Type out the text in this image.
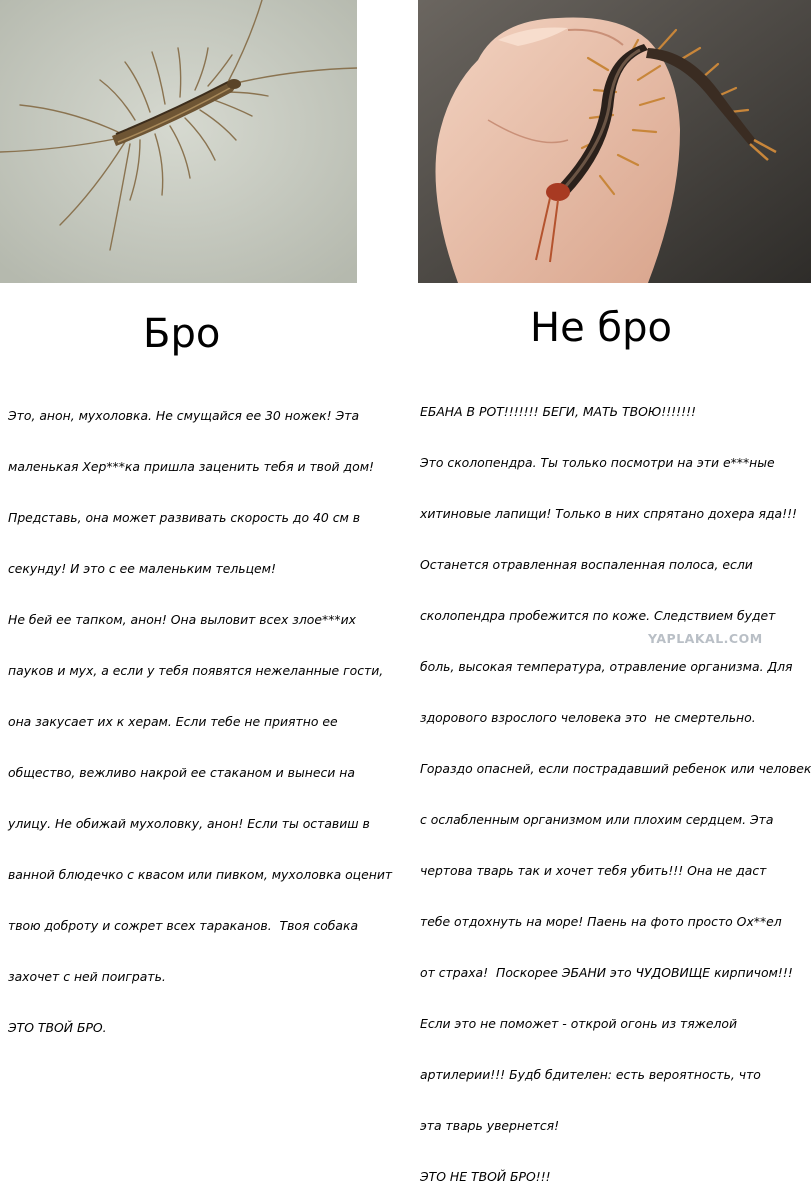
Бро	Не бро

Это, анон, мухоловка. Не смущайся ее 30 ножек! Эта

маленькая Хер***ка пришла заценить тебя и твой дом!

Представь, она может развивать скорость до 40 см в

секунду! И это с ее маленьким тельцем!

Не бей ее тапком, анон! Она выловит всех злое***их

пауков и мух, а если у тебя появятся нежеланные гости,

она закусает их к херам. Если тебе не приятно ее

общество, вежливо накрой ее стаканом и вынеси на

улицу. Не обижай мухоловку, анон! Если ты оставиш в

ванной блюдечко с квасом или пивком, мухоловка оценит

твою доброту и сожрет всех тараканов.  Твоя собака

захочет с ней поиграть.

ЭТО ТВОЙ БРО.

ЕБАНА В РОТ!!!!!!! БЕГИ, МАТЬ ТВОЮ!!!!!!!

Это сколопендра. Ты только посмотри на эти е***ные

хитиновые лапищи! Только в них спрятано дохера яда!!!

Останется отравленная воспаленная полоса, если

сколопендра пробежится по коже. Следствием будет

боль, высокая температура, отравление организма. Для

здорового взрослого человека это  не смертельно.

Гораздо опасней, если пострадавший ребенок или человек

с ослабленным организмом или плохим сердцем. Эта

чертова тварь так и хочет тебя убить!!! Она не даст

тебе отдохнуть на море! Паень на фото просто Ох**ел

от страха!  Поскорее ЭБАНИ это ЧУДОВИЩЕ кирпичом!!!

Если это не поможет - открой огонь из тяжелой

артилерии!!! Будб бдителен: есть вероятность, что

эта тварь увернется!

ЭТО НЕ ТВОЙ БРО!!!

YAPLAKAL.COM
